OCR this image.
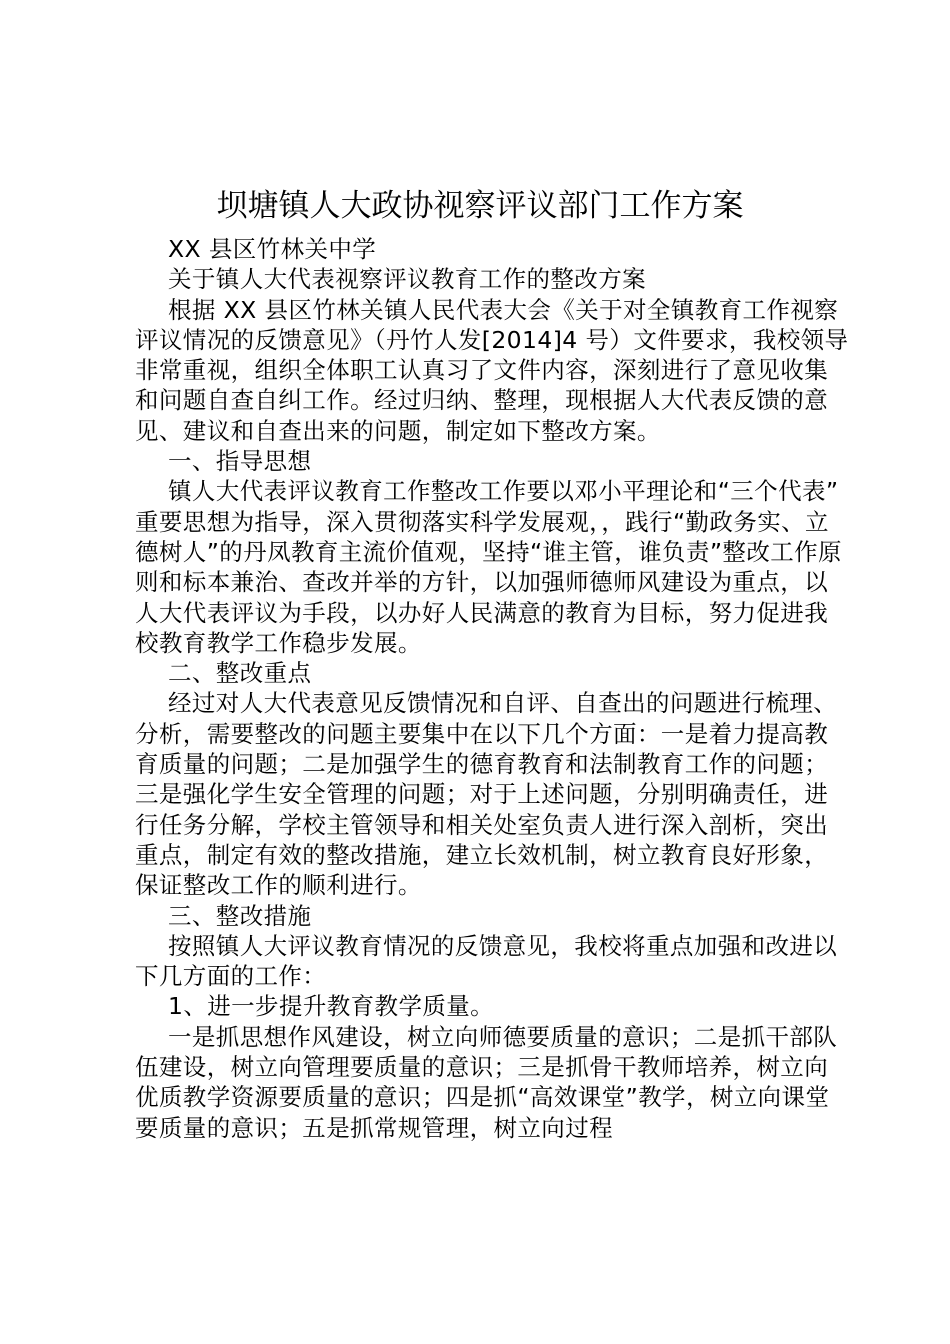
坝塘镇人大政协视察评议部门工作方案

XX 县区竹林关中学

关于镇人大代表视察评议教育工作的整改方案

根据 XX 县区竹林关镇人民代表大会《关于对全镇教育工作视察评议情况的反馈意见》（丹竹人发[2014]4 号）文件要求，我校领导非常重视，组织全体职工认真习了文件内容，深刻进行了意见收集和问题自查自纠工作。经过归纳、整理，现根据人大代表反馈的意见、建议和自查出来的问题，制定如下整改方案。

一、指导思想

镇人大代表评议教育工作整改工作要以邓小平理论和“三个代表”重要思想为指导，深入贯彻落实科学发展观，，践行“勤政务实、立德树人”的丹凤教育主流价值观，坚持“谁主管，谁负责”整改工作原则和标本兼治、查改并举的方针，以加强师德师风建设为重点，以人大代表评议为手段，以办好人民满意的教育为目标，努力促进我校教育教学工作稳步发展。

二、整改重点

经过对人大代表意见反馈情况和自评、自查出的问题进行梳理、分析，需要整改的问题主要集中在以下几个方面：一是着力提高教育质量的问题；二是加强学生的德育教育和法制教育工作的问题；三是强化学生安全管理的问题；对于上述问题，分别明确责任，进行任务分解，学校主管领导和相关处室负责人进行深入剖析，突出重点，制定有效的整改措施，建立长效机制，树立教育良好形象，保证整改工作的顺利进行。

三、整改措施

按照镇人大评议教育情况的反馈意见，我校将重点加强和改进以下几方面的工作：

1、进一步提升教育教学质量。

一是抓思想作风建设，树立向师德要质量的意识；二是抓干部队伍建设，树立向管理要质量的意识；三是抓骨干教师培养，树立向优质教学资源要质量的意识；四是抓“高效课堂”教学，树立向课堂要质量的意识；五是抓常规管理，树立向过程
